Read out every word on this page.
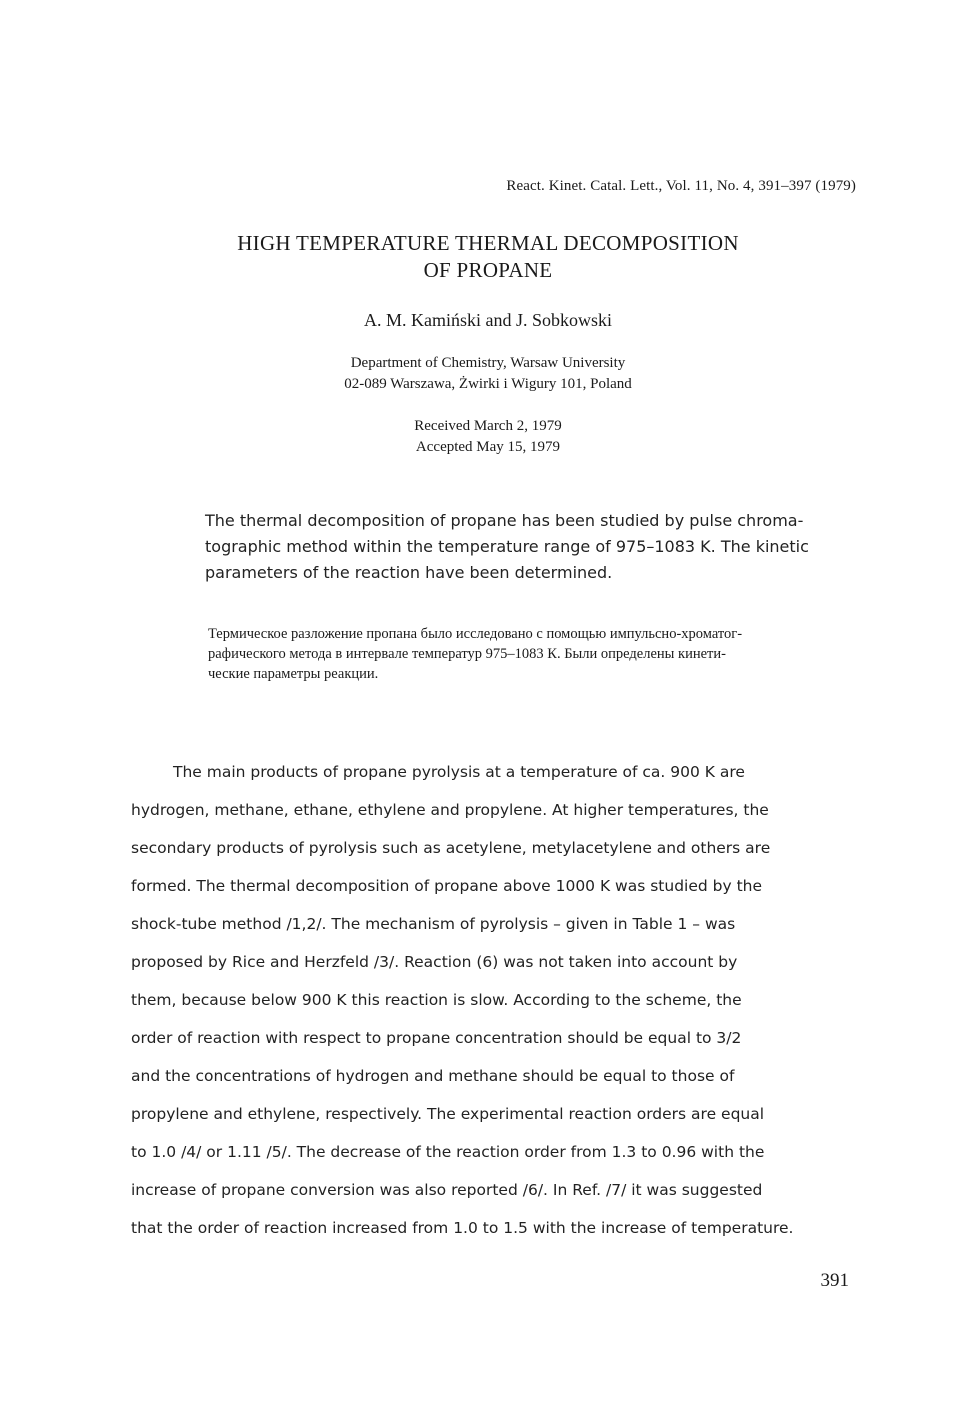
React. Kinet. Catal. Lett., Vol. 11, No. 4, 391–397 (1979)
HIGH TEMPERATURE THERMAL DECOMPOSITION
OF PROPANE
A. M. Kamiński and J. Sobkowski
Department of Chemistry, Warsaw University
02-089 Warszawa, Żwirki i Wigury 101, Poland
Received March 2, 1979
Accepted May 15, 1979
The thermal decomposition of propane has been studied by pulse chroma-
tographic method within the temperature range of 975–1083 K. The kinetic
parameters of the reaction have been determined.
Термическое разложение пропана было исследовано с помощью импульсно-хроматог-
рафического метода в интервале температур 975–1083 К. Были определены кинети-
ческие параметры реакции.
The main products of propane pyrolysis at a temperature of ca. 900 K are
hydrogen, methane, ethane, ethylene and propylene. At higher temperatures, the
secondary products of pyrolysis such as acetylene, metylacetylene and others are
formed. The thermal decomposition of propane above 1000 K was studied by the
shock-tube method /1,2/. The mechanism of pyrolysis – given in Table 1 – was
proposed by Rice and Herzfeld /3/. Reaction (6) was not taken into account by
them, because below 900 K this reaction is slow. According to the scheme, the
order of reaction with respect to propane concentration should be equal to 3/2
and the concentrations of hydrogen and methane should be equal to those of
propylene and ethylene, respectively. The experimental reaction orders are equal
to 1.0 /4/ or 1.11 /5/. The decrease of the reaction order from 1.3 to 0.96 with the
increase of propane conversion was also reported /6/. In Ref. /7/ it was suggested
that the order of reaction increased from 1.0 to 1.5 with the increase of temperature.
391
